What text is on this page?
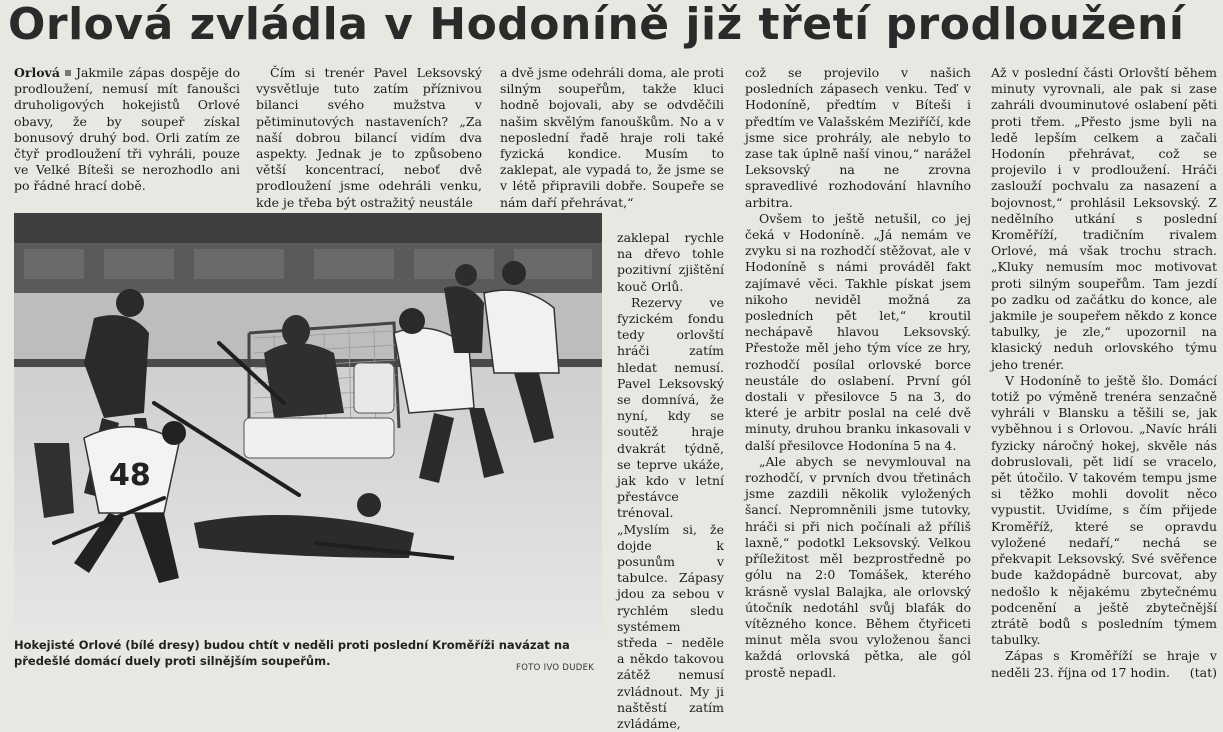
Orlová zvládla v Hodoníně již třetí prodloužení

Orlová Jakmile zápas dospěje do prodloužení, nemusí mít fanoušci druholigových hokejistů Orlové obavy, že by soupeř získal bonusový druhý bod. Orli zatím ze čtyř prodloužení tři vyhráli, pouze ve Velké Bíteši se nerozhodlo ani po řádné hrací době.

Čím si trenér Pavel Leksovský vysvětluje tuto zatím příznivou bilanci svého mužstva v pětiminutových nastaveních? „Za naší dobrou bilancí vidím dva aspekty. Jednak je to způsobeno větší koncentrací, neboť dvě prodloužení jsme odehráli venku, kde je třeba být ostražitý neustále

a dvě jsme odehráli doma, ale proti silným soupeřům, takže kluci hodně bojovali, aby se odvděčili našim skvělým fanouškům. No a v neposlední řadě hraje roli také fyzická kondice. Musím to zaklepat, ale vypadá to, že jsme se v létě připravili dobře. Soupeře se nám daří přehrávat,“

zaklepal rychle na dřevo tohle pozitivní zjištění kouč Orlů.

Rezervy ve fyzickém fondu tedy orlovští hráči zatím hledat nemusí. Pavel Leksovský se domnívá, že nyní, kdy se soutěž hraje dvakrát týdně, se teprve ukáže, jak kdo v letní přestávce trénoval. „Myslím si, že dojde k posunům v tabulce. Zápasy jdou za sebou v rychlém sledu systémem středa – neděle a někdo takovou zátěž nemusí zvládnout. My ji naštěstí zatím zvládáme,

což se projevilo v našich posledních zápasech venku. Teď v Hodoníně, předtím v Bíteši i předtím ve Valašském Meziříčí, kde jsme sice prohrály, ale nebylo to zase tak úplně naší vinou,“ narážel Leksovský na ne zrovna spravedlivé rozhodování hlavního arbitra.

Ovšem to ještě netušil, co jej čeká v Hodoníně. „Já nemám ve zvyku si na rozhodčí stěžovat, ale v Hodoníně s námi prováděl fakt zajímavé věci. Takhle pískat jsem nikoho neviděl možná za posledních pět let,“ kroutil nechápavě hlavou Leksovský. Přestože měl jeho tým více ze hry, rozhodčí posílal orlovské borce neustále do oslabení. První gól dostali v přesilovce 5 na 3, do které je arbitr poslal na celé dvě minuty, druhou branku inkasovali v další přesilovce Hodonína 5 na 4.

„Ale abych se nevymlouval na rozhodčí, v prvních dvou třetinách jsme zazdili několik vyložených šancí. Nepromněnili jsme tutovky, hráči si při nich počínali až příliš laxně,“ podotkl Leksovský. Velkou příležitost měl bezprostředně po gólu na 2:0 Tomášek, kterého krásně vyslal Balajka, ale orlovský útočník nedotáhl svůj blafák do vítězného konce. Během čtyřiceti minut měla svou vyloženou šanci každá orlovská pětka, ale gól prostě nepadl.

Až v poslední části Orlovští během minuty vyrovnali, ale pak si zase zahráli dvouminutové oslabení pěti proti třem. „Přesto jsme byli na ledě lepším celkem a začali Hodonín přehrávat, což se projevilo i v prodloužení. Hráči zaslouží pochvalu za nasazení a bojovnost,“ prohlásil Leksovský. Z nedělního utkání s poslední Kroměříží, tradičním rivalem Orlové, má však trochu strach. „Kluky nemusím moc motivovat proti silným soupeřům. Tam jezdí po zadku od začátku do konce, ale jakmile je soupeřem někdo z konce tabulky, je zle,“ upozornil na klasický neduh orlovského týmu jeho trenér.

V Hodoníně to ještě šlo. Domácí totiž po výměně trenéra senzačně vyhráli v Blansku a těšili se, jak vyběhnou i s Orlovou. „Navíc hráli fyzicky náročný hokej, skvěle nás dobruslovali, pět lidí se vracelo, pět útočilo. V takovém tempu jsme si těžko mohli dovolit něco vypustit. Uvidíme, s čím přijede Kroměříž, které se opravdu vyložené nedaří,“ nechá se překvapit Leksovský. Své svěřence bude každopádně burcovat, aby nedošlo k nějakému zbytečnému podcenění a ještě zbytečnější ztrátě bodů s posledním týmem tabulky.

Zápas s Kroměříží se hraje v neděli 23. října od 17 hodin.	(tat)

48
Hokejisté Orlové (bílé dresy) budou chtít v neděli proti poslední Kroměříži navázat na předešlé domácí duely proti silnějším soupeřům.
FOTO IVO DUDEK
